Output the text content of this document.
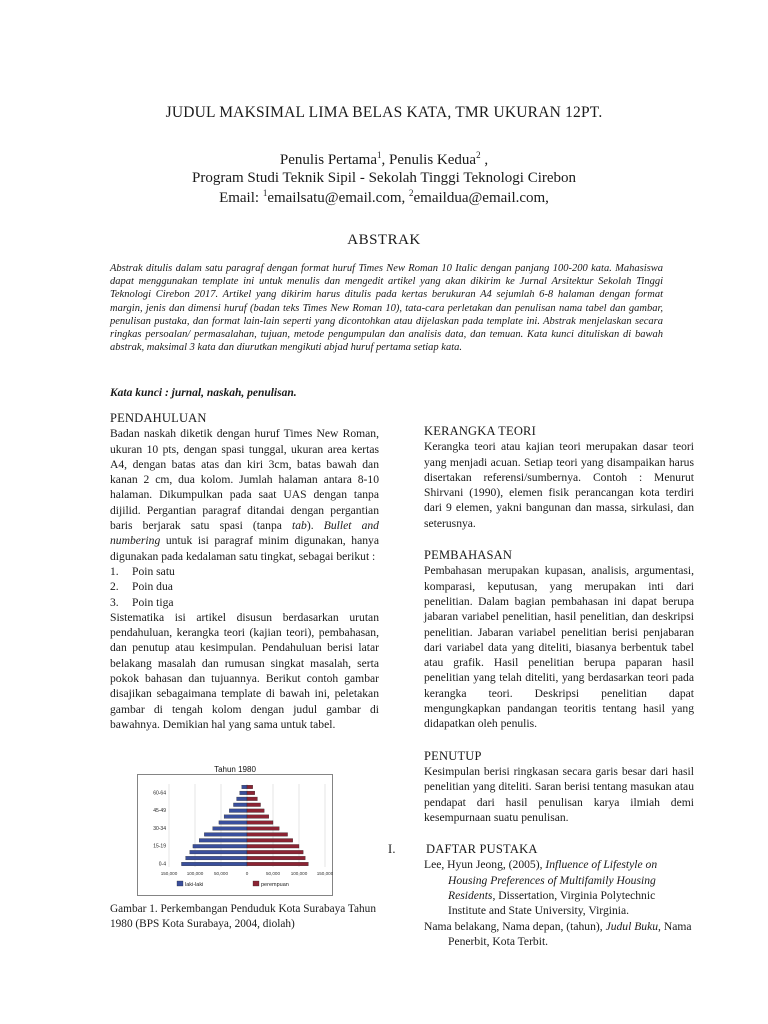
JUDUL MAKSIMAL LIMA BELAS KATA, TMR UKURAN 12PT.
Penulis Pertama$^1$, Penulis Kedua$^2$ ,
Program Studi Teknik Sipil - Sekolah Tinggi Teknologi Cirebon
Email: $^1$emailsatu@email.com, $^2$emaildua@email.com,
ABSTRAK
Abstrak ditulis dalam satu paragraf dengan format huruf Times New Roman 10 Italic dengan panjang 100-200 kata. Mahasiswa dapat menggunakan template ini untuk menulis dan mengedit artikel yang akan dikirim ke Jurnal Arsitektur Sekolah Tinggi Teknologi Cirebon 2017. Artikel yang dikirim harus ditulis pada kertas berukuran A4 sejumlah 6-8 halaman dengan format margin, jenis dan dimensi huruf (badan teks Times New Roman 10), tata-cara perletakan dan penulisan nama tabel dan gambar, penulisan pustaka, dan format lain-lain seperti yang dicontohkan atau dijelaskan pada template ini. Abstrak menjelaskan secara ringkas persoalan/ permasalahan, tujuan, metode pengumpulan dan analisis data, dan temuan. Kata kunci dituliskan di bawah abstrak, maksimal 3 kata dan diurutkan mengikuti abjad huruf pertama setiap kata.
Kata kunci : jurnal, naskah, penulisan.
PENDAHULUAN

Badan naskah diketik dengan huruf Times New Roman, ukuran 10 pts, dengan spasi tunggal, ukuran area kertas A4, dengan batas atas dan kiri 3cm, batas bawah dan kanan 2 cm, dua kolom. Jumlah halaman antara 8-10 halaman. Dikumpulkan pada saat UAS dengan tanpa dijilid. Pergantian paragraf ditandai dengan pergantian baris berjarak satu spasi (tanpa tab). Bullet and numbering untuk isi paragraf minim digunakan, hanya digunakan pada kedalaman satu tingkat, sebagai berikut :

1. Poin satu
2. Poin dua
3. Poin tiga

Sistematika isi artikel disusun berdasarkan urutan pendahuluan, kerangka teori (kajian teori), pembahasan, dan penutup atau kesimpulan. Pendahuluan berisi latar belakang masalah dan rumusan singkat masalah, serta pokok bahasan dan tujuannya. Berikut contoh gambar disajikan sebagaimana template di bawah ini, peletakan gambar di tengah kolom dengan judul gambar di bawahnya. Demikian hal yang sama untuk tabel.

Tahun 1980
150,000 100,000 50,000	0	50,000 100,000 150,000
0-4
15-19
30-34
45-49
60-64
laki-laki	perempuan
Gambar 1. Perkembangan Penduduk Kota Surabaya Tahun 1980 (BPS Kota Surabaya, 2004, diolah)
KERANGKA TEORI

Kerangka teori atau kajian teori merupakan dasar teori yang menjadi acuan. Setiap teori yang disampaikan harus disertakan referensi/sumbernya. Contoh : Menurut Shirvani (1990), elemen fisik perancangan kota terdiri dari 9 elemen, yakni bangunan dan massa, sirkulasi, dan seterusnya.

PEMBAHASAN

Pembahasan merupakan kupasan, analisis, argumentasi, komparasi, keputusan, yang merupakan inti dari penelitian. Dalam bagian pembahasan ini dapat berupa jabaran variabel penelitian, hasil penelitian, dan deskripsi penelitian. Jabaran variabel penelitian berisi penjabaran dari variabel data yang diteliti, biasanya berbentuk tabel atau grafik. Hasil penelitian berupa paparan hasil penelitian yang telah diteliti, yang berdasarkan teori pada kerangka teori. Deskripsi penelitian dapat mengungkapkan pandangan teoritis tentang hasil yang didapatkan oleh penulis.

PENUTUP

Kesimpulan berisi ringkasan secara garis besar dari hasil penelitian yang diteliti. Saran berisi tentang masukan atau pendapat dari hasil penulisan karya ilmiah demi kesempurnaan suatu penulisan.

I.	DAFTAR PUSTAKA

Lee, Hyun Jeong, (2005), Influence of Lifestyle on Housing Preferences of Multifamily Housing Residents, Dissertation, Virginia Polytechnic Institute and State University, Virginia.

Nama belakang, Nama depan, (tahun), Judul Buku, Nama Penerbit, Kota Terbit.
